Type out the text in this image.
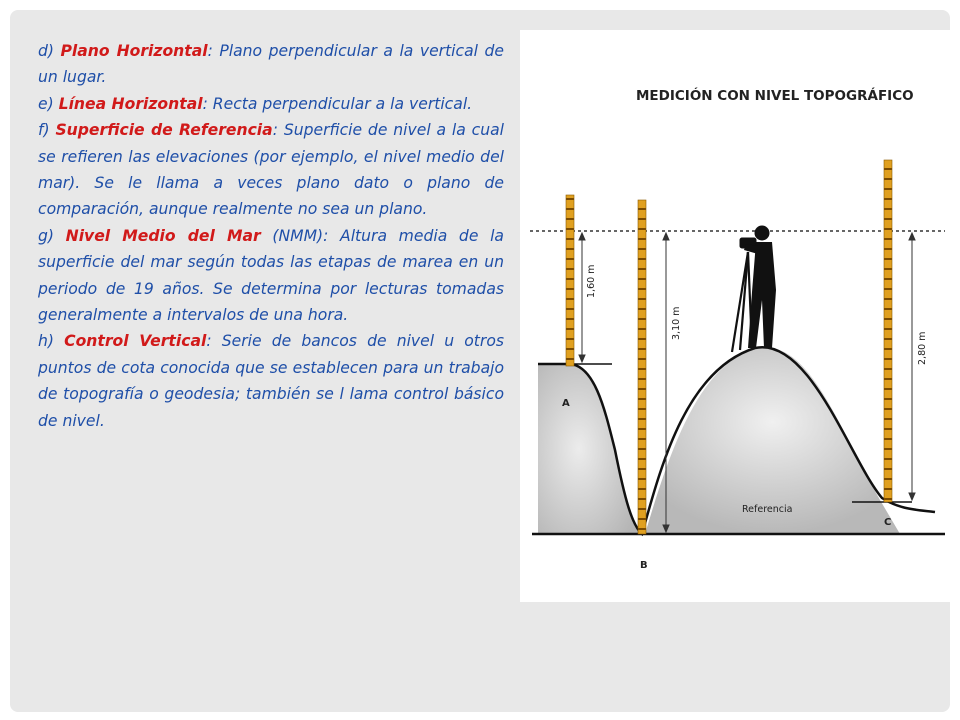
d) Plano Horizontal: Plano perpendicular a la vertical de un lugar.

e) Línea Horizontal: Recta perpendicular a la vertical.

f) Superficie de Referencia: Superficie de nivel a la cual se refieren las elevaciones (por ejemplo, el nivel medio del mar). Se le llama a veces plano dato o plano de comparación, aunque realmente no sea un plano.

g) Nivel Medio del Mar (NMM): Altura media de la superficie del mar según todas las etapas de marea en un periodo de 19 años. Se determina por lecturas tomadas generalmente a intervalos de una hora.

h) Control Vertical: Serie de bancos de nivel u otros puntos de cota conocida que se establecen para un trabajo de topografía o geodesia; también se l lama control básico de nivel.

MEDICIÓN CON NIVEL TOPOGRÁFICO
1,60 m
3,10 m
2,80 m
A
B
C
Referencia
